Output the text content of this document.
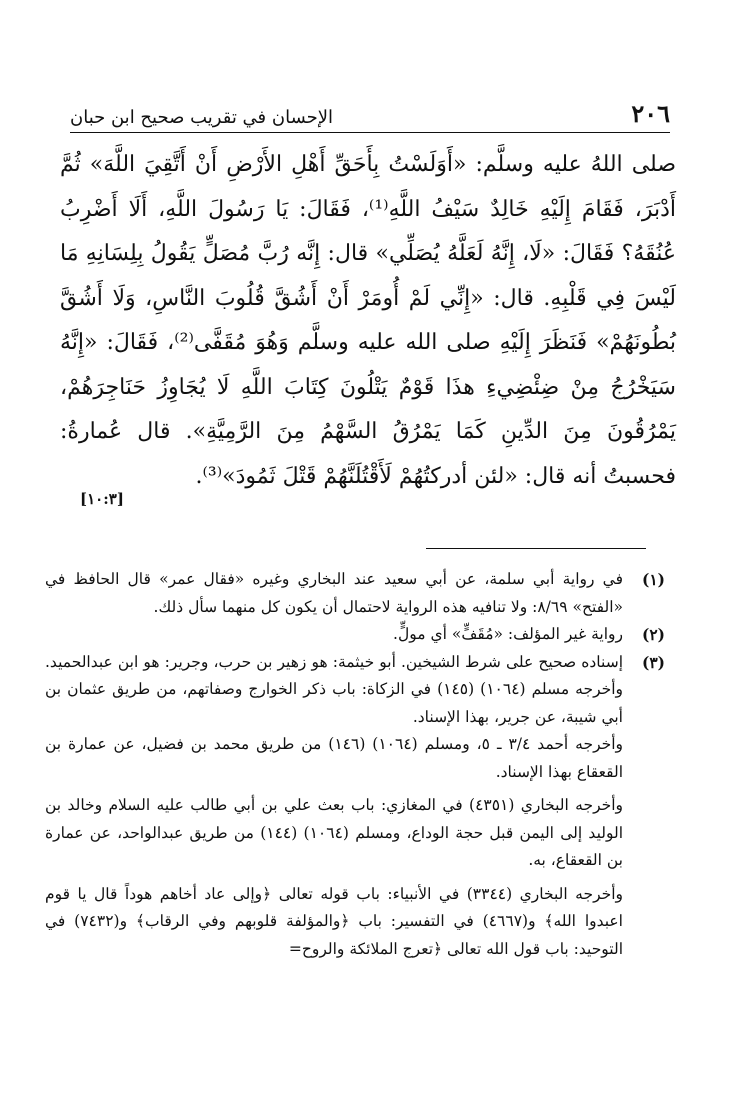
٢٠٦
الإحسان في تقريب صحيح ابن حبان

صلى اللهُ عليه وسلَّم: «أَوَلَسْتُ بِأَحَقِّ أَهْلِ الأَرْضِ أَنْ أَتَّقِيَ اللَّهَ» ثُمَّ أَدْبَرَ، فَقَامَ إِلَيْهِ خَالِدٌ سَيْفُ اللَّهِ⁽¹⁾، فَقَالَ: يَا رَسُولَ اللَّهِ، أَلَا أَضْرِبُ عُنُقَهُ؟ فَقَالَ: «لَا، إِنَّهُ لَعَلَّهُ يُصَلِّي» قال: إِنَّه رُبَّ مُصَلٍّ يَقُولُ بِلِسَانِهِ مَا لَيْسَ فِي قَلْبِهِ. قال: «إِنِّي لَمْ أُومَرْ أَنْ أَشُقَّ قُلُوبَ النَّاسِ، وَلَا أَشُقَّ بُطُونَهُمْ» فَنَظَرَ إِلَيْهِ صلى الله عليه وسلَّم وَهُوَ مُقَفَّى⁽²⁾، فَقَالَ: «إِنَّهُ سَيَخْرُجُ مِنْ ضِئْضِيءِ هذَا قَوْمٌ يَتْلُونَ كِتَابَ اللَّهِ لَا يُجَاوِزُ حَنَاجِرَهُمْ، يَمْرُقُونَ مِنَ الدِّينِ كَمَا يَمْرُقُ السَّهْمُ مِنَ الرَّمِيَّةِ». قال عُمارةُ: فحسبتُ أنه قال: «لئن أدركتُهُمْ لَأَقْتُلَنَّهُمْ قَتْلَ ثَمُودَ»⁽³⁾.

[١٠:٣]
(١)
في رواية أبي سلمة، عن أبي سعيد عند البخاري وغيره «فقال عمر» قال الحافظ في «الفتح» ٨/٦٩: ولا تنافيه هذه الرواية لاحتمال أن يكون كل منهما سأل ذلك.
(٢)
رواية غير المؤلف: «مُقَفٍّ» أي مولٍّ.
(٣)
إسناده صحيح على شرط الشيخين. أبو خيثمة: هو زهير بن حرب، وجرير: هو ابن عبدالحميد. وأخرجه مسلم (١٠٦٤) (١٤٥) في الزكاة: باب ذكر الخوارج وصفاتهم، من طريق عثمان بن أبي شيبة، عن جرير، بهذا الإسناد.

وأخرجه أحمد ٣/٤ ـ ٥، ومسلم (١٠٦٤) (١٤٦) من طريق محمد بن فضيل، عن عمارة بن القعقاع بهذا الإسناد.

وأخرجه البخاري (٤٣٥١) في المغازي: باب بعث علي بن أبي طالب عليه السلام وخالد بن الوليد إلى اليمن قبل حجة الوداع، ومسلم (١٠٦٤) (١٤٤) من طريق عبدالواحد، عن عمارة بن القعقاع، به.

وأخرجه البخاري (٣٣٤٤) في الأنبياء: باب قوله تعالى ﴿وإلى عاد أخاهم هوداً قال يا قوم اعبدوا الله﴾ و(٤٦٦٧) في التفسير: باب ﴿والمؤلفة قلوبهم وفي الرقاب﴾ و(٧٤٣٢) في التوحيد: باب قول الله تعالى ﴿تعرج الملائكة والروح=
